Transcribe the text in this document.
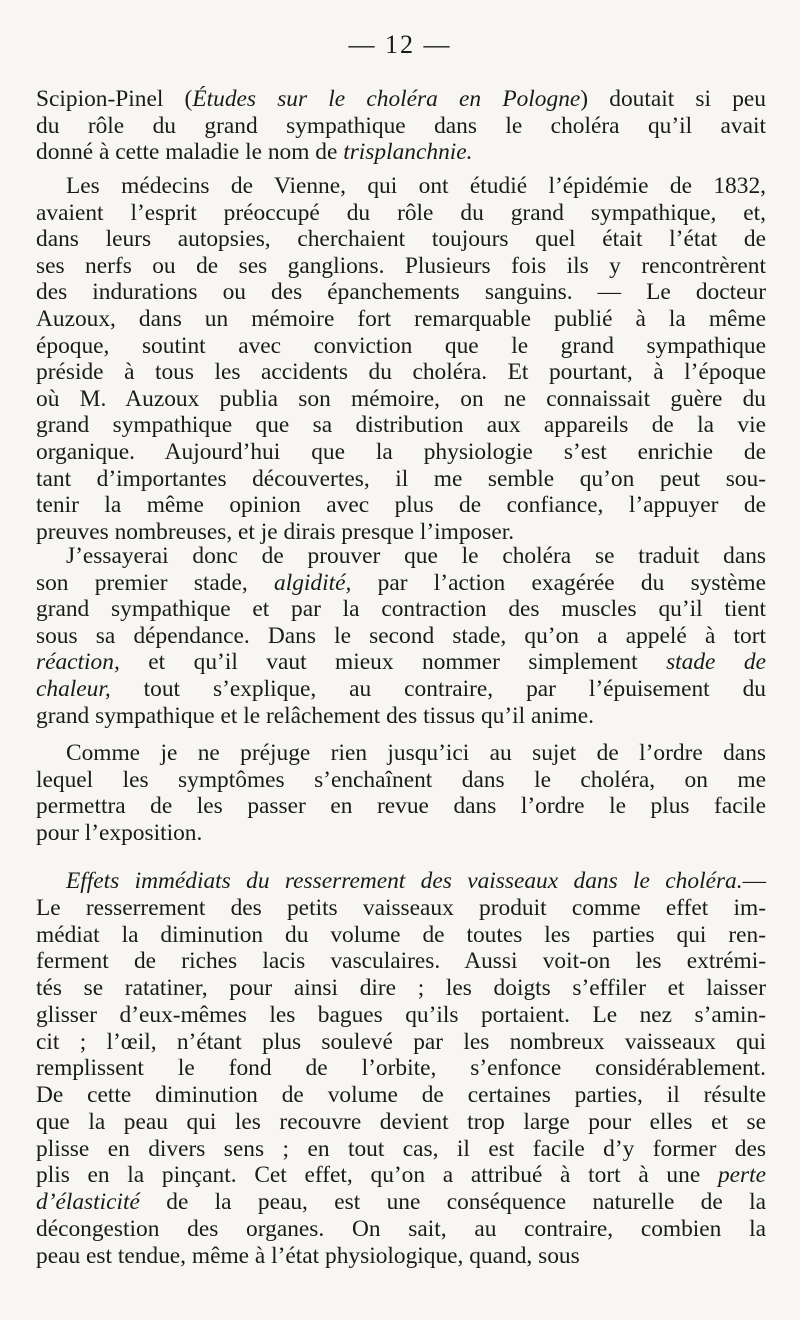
— 12 —
Scipion-Pinel (Études sur le choléra en Pologne) doutait si peu
du rôle du grand sympathique dans le choléra qu’il avait
donné à cette maladie le nom de trisplanchnie.
Les médecins de Vienne, qui ont étudié l’épidémie de 1832,
avaient l’esprit préoccupé du rôle du grand sympathique, et,
dans leurs autopsies, cherchaient toujours quel était l’état de
ses nerfs ou de ses ganglions. Plusieurs fois ils y rencontrèrent
des indurations ou des épanchements sanguins. — Le docteur
Auzoux, dans un mémoire fort remarquable publié à la même
époque, soutint avec conviction que le grand sympathique
préside à tous les accidents du choléra. Et pourtant, à l’époque
où M. Auzoux publia son mémoire, on ne connaissait guère du
grand sympathique que sa distribution aux appareils de la vie
organique. Aujourd’hui que la physiologie s’est enrichie de
tant d’importantes découvertes, il me semble qu’on peut sou-
tenir la même opinion avec plus de confiance, l’appuyer de
preuves nombreuses, et je dirais presque l’imposer.
J’essayerai donc de prouver que le choléra se traduit dans
son premier stade, algidité, par l’action exagérée du système
grand sympathique et par la contraction des muscles qu’il tient
sous sa dépendance. Dans le second stade, qu’on a appelé à tort
réaction, et qu’il vaut mieux nommer simplement stade de
chaleur, tout s’explique, au contraire, par l’épuisement du
grand sympathique et le relâchement des tissus qu’il anime.
Comme je ne préjuge rien jusqu’ici au sujet de l’ordre dans
lequel les symptômes s’enchaînent dans le choléra, on me
permettra de les passer en revue dans l’ordre le plus facile
pour l’exposition.
Effets immédiats du resserrement des vaisseaux dans le choléra.—
Le resserrement des petits vaisseaux produit comme effet im-
médiat la diminution du volume de toutes les parties qui ren-
ferment de riches lacis vasculaires. Aussi voit-on les extrémi-
tés se ratatiner, pour ainsi dire ; les doigts s’effiler et laisser
glisser d’eux-mêmes les bagues qu’ils portaient. Le nez s’amin-
cit ; l’œil, n’étant plus soulevé par les nombreux vaisseaux qui
remplissent le fond de l’orbite, s’enfonce considérablement.
De cette diminution de volume de certaines parties, il résulte
que la peau qui les recouvre devient trop large pour elles et se
plisse en divers sens ; en tout cas, il est facile d’y former des
plis en la pinçant. Cet effet, qu’on a attribué à tort à une perte
d’élasticité de la peau, est une conséquence naturelle de la
décongestion des organes. On sait, au contraire, combien la
peau est tendue, même à l’état physiologique, quand, sous
